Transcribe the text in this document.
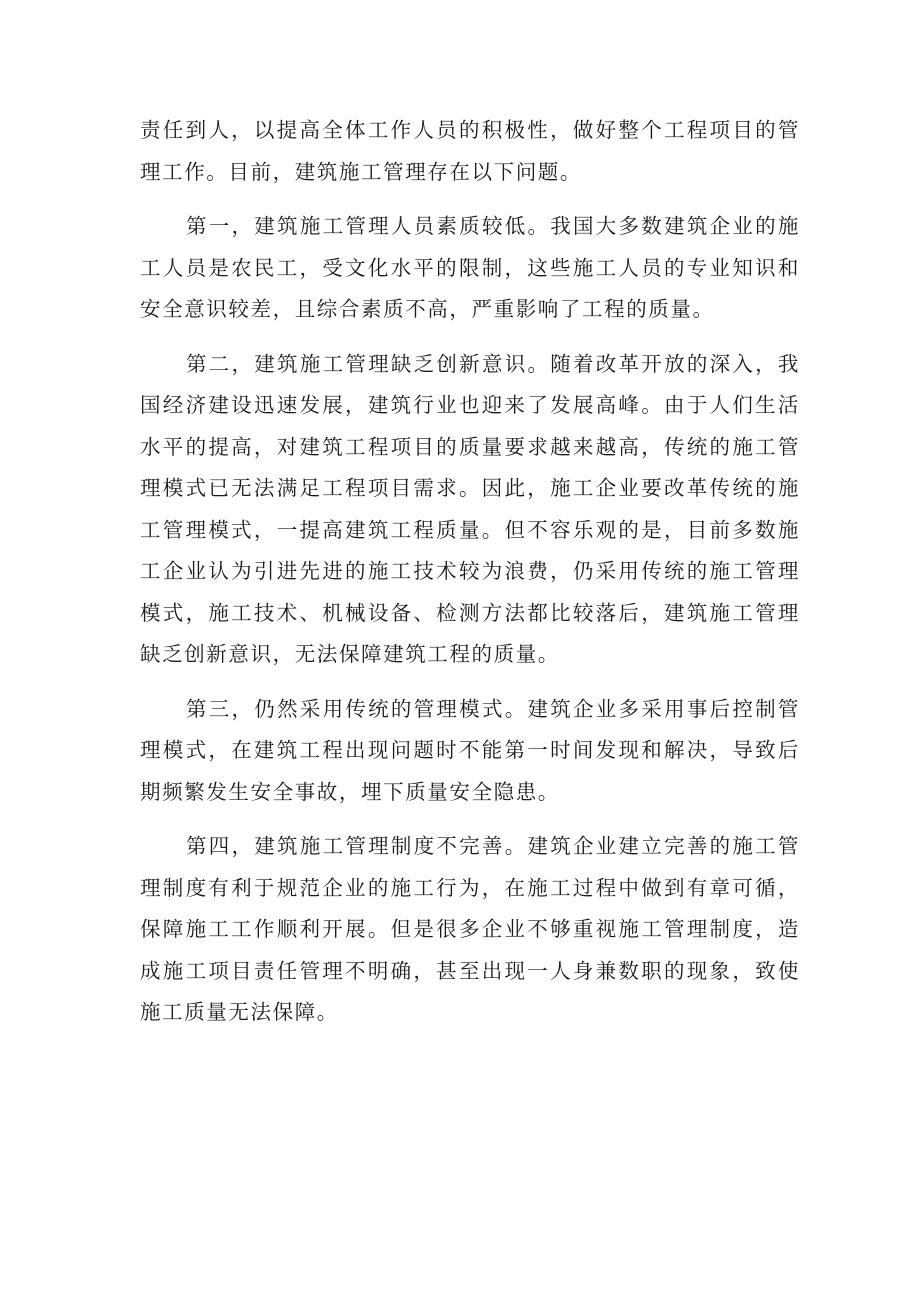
责任到人，以提高全体工作人员的积极性，做好整个工程项目的管理工作。目前，建筑施工管理存在以下问题。

第一，建筑施工管理人员素质较低。我国大多数建筑企业的施工人员是农民工，受文化水平的限制，这些施工人员的专业知识和安全意识较差，且综合素质不高，严重影响了工程的质量。

第二，建筑施工管理缺乏创新意识。随着改革开放的深入，我国经济建设迅速发展，建筑行业也迎来了发展高峰。由于人们生活水平的提高，对建筑工程项目的质量要求越来越高，传统的施工管理模式已无法满足工程项目需求。因此，施工企业要改革传统的施工管理模式，一提高建筑工程质量。但不容乐观的是，目前多数施工企业认为引进先进的施工技术较为浪费，仍采用传统的施工管理模式，施工技术、机械设备、检测方法都比较落后，建筑施工管理缺乏创新意识，无法保障建筑工程的质量。

第三，仍然采用传统的管理模式。建筑企业多采用事后控制管理模式，在建筑工程出现问题时不能第一时间发现和解决，导致后期频繁发生安全事故，埋下质量安全隐患。

第四，建筑施工管理制度不完善。建筑企业建立完善的施工管理制度有利于规范企业的施工行为，在施工过程中做到有章可循，保障施工工作顺利开展。但是很多企业不够重视施工管理制度，造成施工项目责任管理不明确，甚至出现一人身兼数职的现象，致使施工质量无法保障。
